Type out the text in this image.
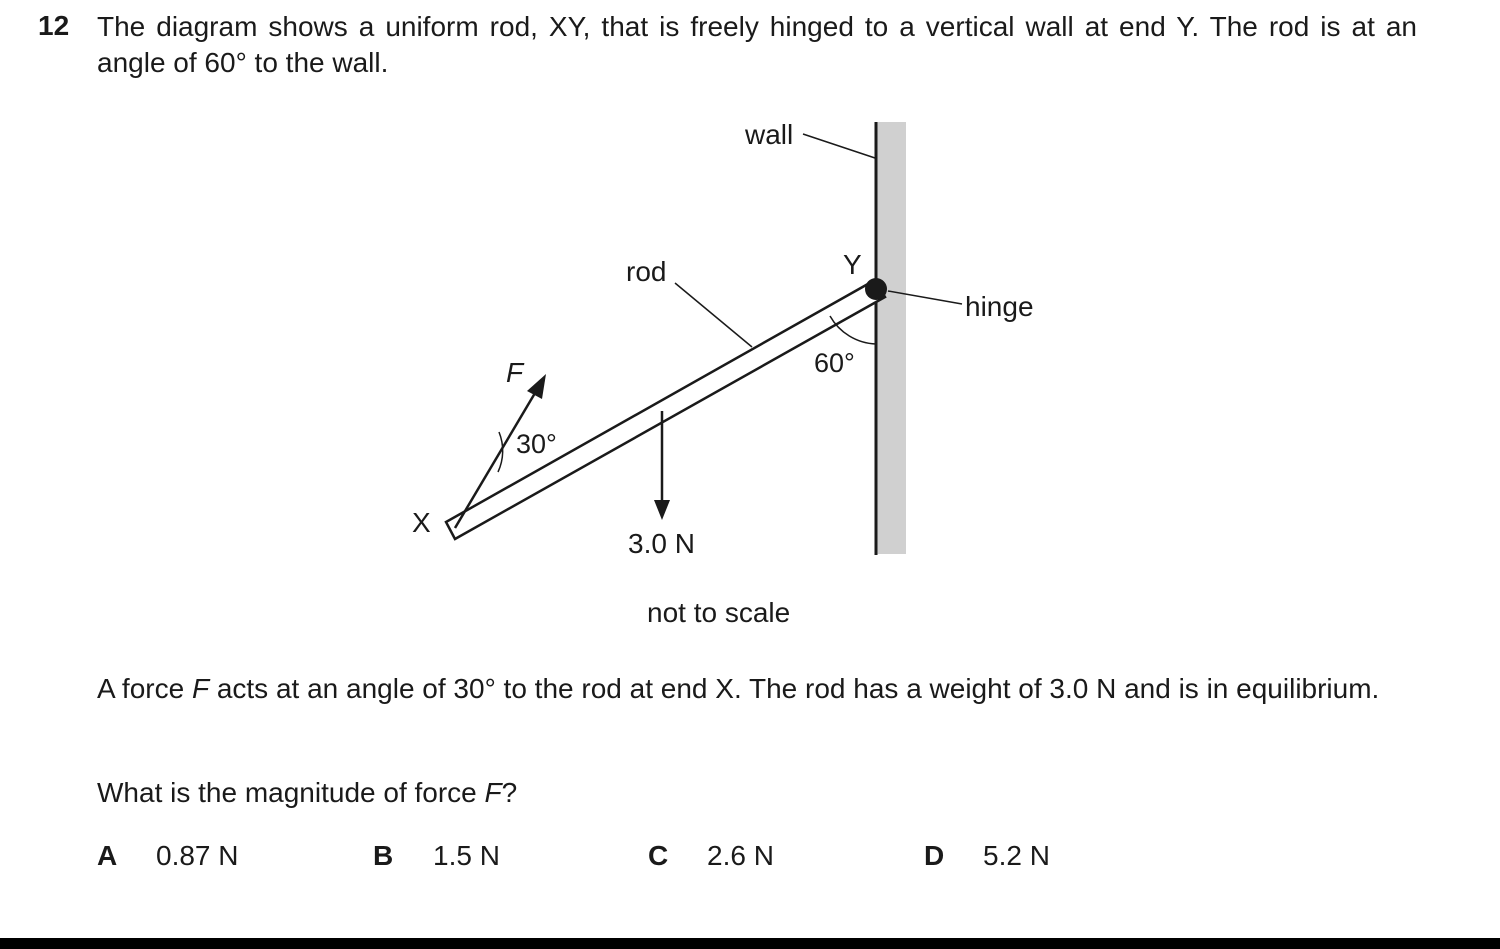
12 The diagram shows a uniform rod, XY, that is freely hinged to a vertical wall at end Y. The rod is at an angle of 60° to the wall.
wall
rod	Y
hinge
60°
F
30°
X
3.0 N
not to scale
A force F acts at an angle of 30° to the rod at end X. The rod has a weight of 3.0 N and is in equilibrium.
What is the magnitude of force F?
A 0.87 N	B 1.5 N	C 2.6 N	D 5.2 N
